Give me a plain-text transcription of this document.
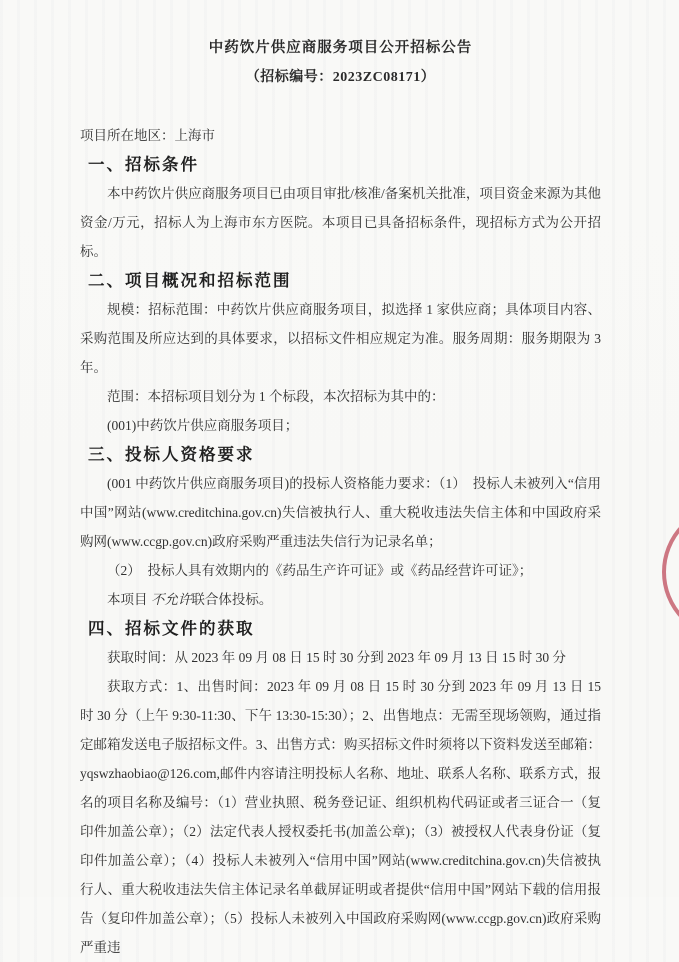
中药饮片供应商服务项目公开招标公告
（招标编号：2023ZC08171）
项目所在地区：上海市
一、招标条件

本中药饮片供应商服务项目已由项目审批/核准/备案机关批准，项目资金来源为其他资金/万元，招标人为上海市东方医院。本项目已具备招标条件，现招标方式为公开招标。

二、项目概况和招标范围

规模：招标范围：中药饮片供应商服务项目，拟选择 1 家供应商；具体项目内容、采购范围及所应达到的具体要求，以招标文件相应规定为准。服务周期：服务期限为 3 年。

范围：本招标项目划分为 1 个标段，本次招标为其中的：

(001)中药饮片供应商服务项目；

三、投标人资格要求

(001 中药饮片供应商服务项目)的投标人资格能力要求：（1）　投标人未被列入“信用中国”网站(www.creditchina.gov.cn)失信被执行人、重大税收违法失信主体和中国政府采购网(www.ccgp.gov.cn)政府采购严重违法失信行为记录名单；

（2）　投标人具有效期内的《药品生产许可证》或《药品经营许可证》；

本项目 不允许联合体投标。

四、招标文件的获取

获取时间：从 2023 年 09 月 08 日 15 时 30 分到 2023 年 09 月 13 日 15 时 30 分

获取方式：1、出售时间：2023 年 09 月 08 日 15 时 30 分到 2023 年 09 月 13 日 15 时 30 分（上午 9:30-11:30、下午 13:30-15:30）；2、出售地点：无需至现场领购，通过指定邮箱发送电子版招标文件。3、出售方式：购买招标文件时须将以下资料发送至邮箱：yqswzhaobiao@126.com,邮件内容请注明投标人名称、地址、联系人名称、联系方式，报名的项目名称及编号：（1）营业执照、税务登记证、组织机构代码证或者三证合一（复印件加盖公章）；（2）法定代表人授权委托书(加盖公章)；（3）被授权人代表身份证（复印件加盖公章）；（4）投标人未被列入“信用中国”网站(www.creditchina.gov.cn)失信被执行人、重大税收违法失信主体记录名单截屏证明或者提供“信用中国”网站下载的信用报告（复印件加盖公章）；（5）投标人未被列入中国政府采购网(www.ccgp.gov.cn)政府采购严重违
